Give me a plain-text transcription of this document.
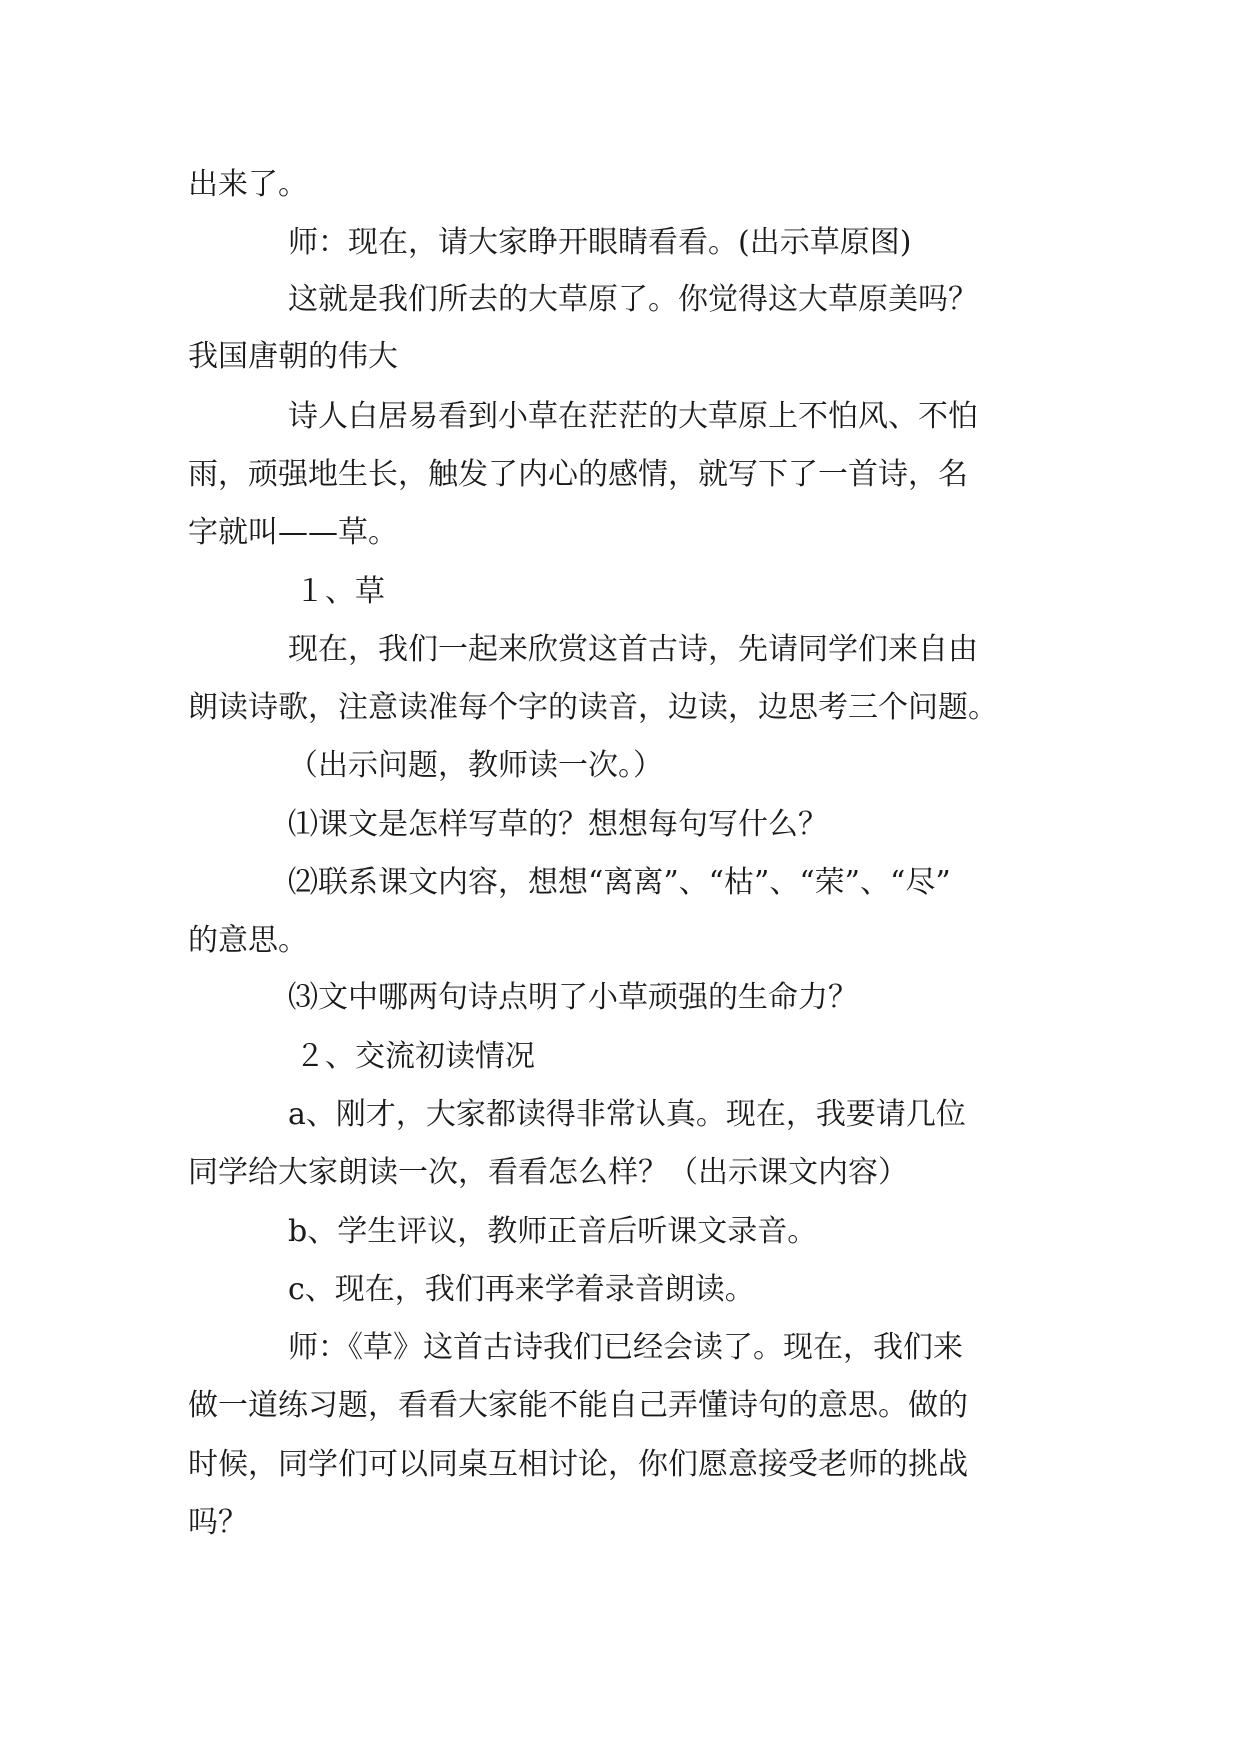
出来了。
师：现在，请大家睁开眼睛看看。(出示草原图)
这就是我们所去的大草原了。你觉得这大草原美吗？
我国唐朝的伟大
诗人白居易看到小草在茫茫的大草原上不怕风、不怕
雨，顽强地生长，触发了内心的感情，就写下了一首诗，名
字就叫——草。
１、草
现在，我们一起来欣赏这首古诗，先请同学们来自由
朗读诗歌，注意读准每个字的读音，边读，边思考三个问题。
（出示问题，教师读一次。）
⑴课文是怎样写草的？想想每句写什么？
⑵联系课文内容，想想“离离”、“枯”、“荣”、“尽”
的意思。
⑶文中哪两句诗点明了小草顽强的生命力？
２、交流初读情况
a、刚才，大家都读得非常认真。现在，我要请几位
同学给大家朗读一次，看看怎么样？（出示课文内容）
b、学生评议，教师正音后听课文录音。
c、现在，我们再来学着录音朗读。
师：《草》这首古诗我们已经会读了。现在，我们来
做一道练习题，看看大家能不能自己弄懂诗句的意思。做的
时候，同学们可以同桌互相讨论，你们愿意接受老师的挑战
吗？
